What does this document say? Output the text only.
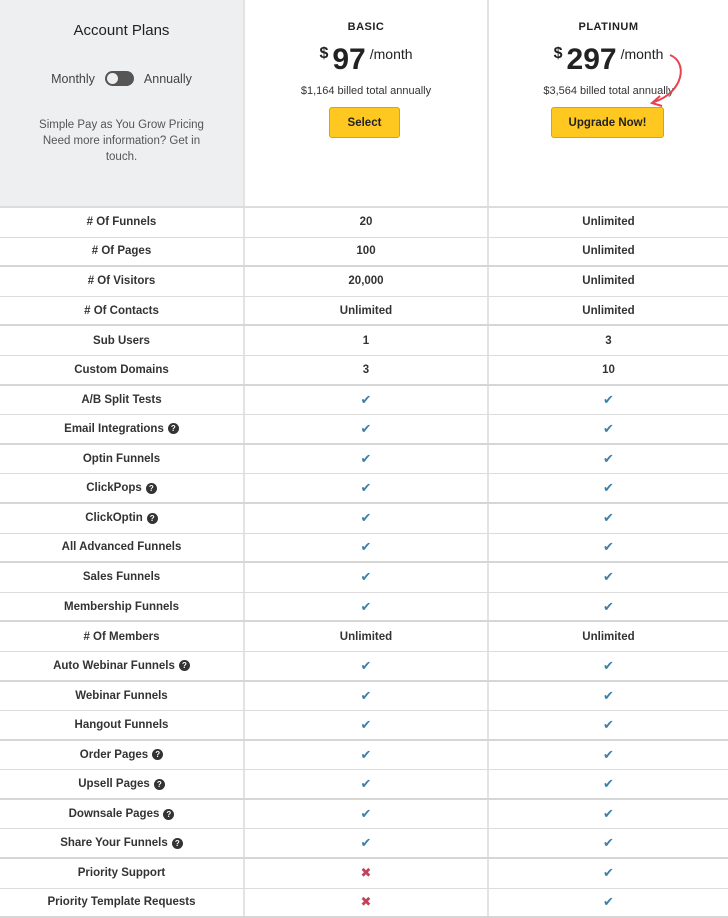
Account Plans
Monthly	Annually
Simple Pay as You Grow Pricing Need more information? Get in touch.
BASIC
$ 97 /month
$1,164 billed total annually
Select
PLATINUM
$ 297 /month
$3,564 billed total annually
Upgrade Now!
# Of Funnels	20	Unlimited
# Of Pages	100	Unlimited
# Of Visitors	20,000	Unlimited
# Of Contacts	Unlimited	Unlimited
Sub Users	1	3
Custom Domains	3	10
A/B Split Tests	✔	✔
Email Integrations ?	✔	✔
Optin Funnels	✔	✔
ClickPops ?	✔	✔
ClickOptin ?	✔	✔
All Advanced Funnels	✔	✔
Sales Funnels	✔	✔
Membership Funnels	✔	✔
# Of Members	Unlimited	Unlimited
Auto Webinar Funnels ?	✔	✔
Webinar Funnels	✔	✔
Hangout Funnels	✔	✔
Order Pages ?	✔	✔
Upsell Pages ?	✔	✔
Downsale Pages ?	✔	✔
Share Your Funnels ?	✔	✔
Priority Support	✖	✔
Priority Template Requests	✖	✔
